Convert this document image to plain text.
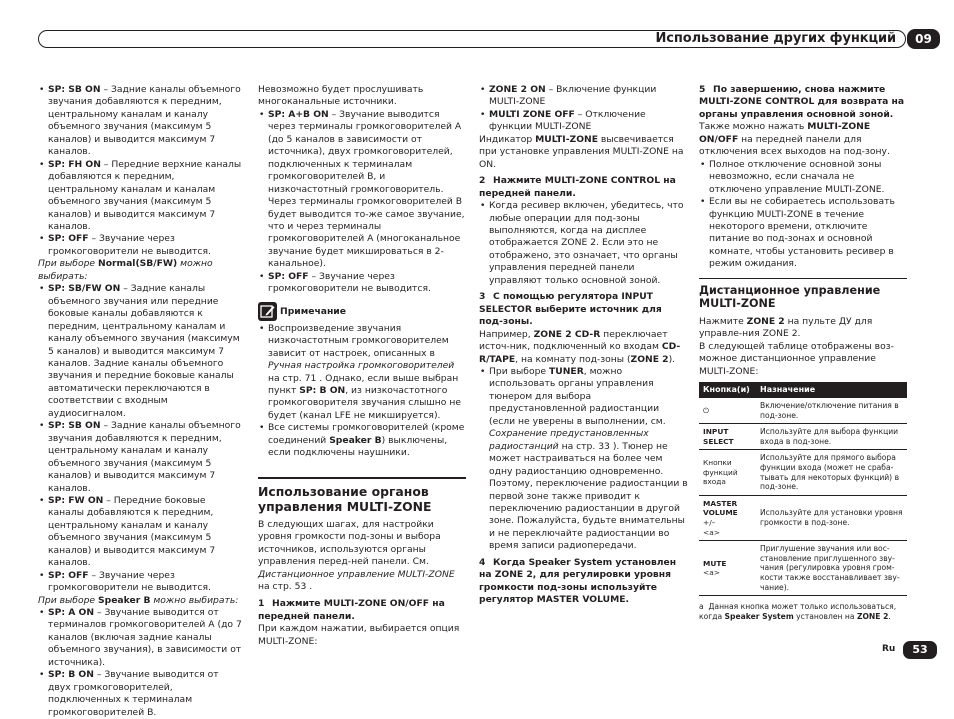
Использование других функций	09
• SP: SB ON – Задние каналы объемного звучания добавляются к передним, центральному каналам и каналу объемного звучания (максимум 5 каналов) и выводится максимум 7 каналов.
• SP: FH ON – Передние верхние каналы добавляются к передним, центральному каналам и каналам объемного звучания (максимум 5 каналов) и выводится максимум 7 каналов.
• SP: OFF – Звучание через громкоговорители не выводится.
При выборе Normal(SB/FW) можно выбирать:
• SP: SB/FW ON – Задние каналы объемного звучания или передние боковые каналы добавляются к передним, центральному каналам и каналу объемного звучания (максимум 5 каналов) и выводится максимум 7 каналов. Задние каналы объемного звучания и передние боковые каналы автоматически переключаются в соответствии с входным аудиосигналом.
• SP: SB ON – Задние каналы объемного звучания добавляются к передним, центральному каналам и каналу объемного звучания (максимум 5 каналов) и выводится максимум 7 каналов.
• SP: FW ON – Передние боковые каналы добавляются к передним, центральному каналам и каналу объемного звучания (максимум 5 каналов) и выводится максимум 7 каналов.
• SP: OFF – Звучание через громкоговорители не выводится.
При выборе Speaker B можно выбирать:
• SP: A ON – Звучание выводится от терминалов громкоговорителей A (до 7 каналов (включая задние каналы объемного звучания), в зависимости от источника).
• SP: B ON – Звучание выводится от двух громкоговорителей, подключенных к терминалам громкоговорителей B.
Невозможно будет прослушивать многоканальные источники.
• SP: A+B ON – Звучание выводится через терминалы громкоговорителей A (до 5 каналов в зависимости от источника), двух громкоговорителей, подключенных к терминалам громкоговорителей B, и низкочастотный громкоговоритель. Через терминалы громкоговорителей B будет выводится то-же самое звучание, что и через терминалы громкоговорителей A (многоканальное звучание будет микшироваться в 2-канальное).
• SP: OFF – Звучание через громкоговорители не выводится.
Примечание
• Воспроизведение звучания низкочастотным громкоговорителем зависит от настроек, описанных в Ручная настройка громкоговорителей на стр. 71 . Однако, если выше выбран пункт SP: B ON, из низкочастотного громкоговорителя звучания слышно не будет (канал LFE не микшируется).
• Все системы громкоговорителей (кроме соединений Speaker B) выключены, если подключены наушники.
Использование органов управления MULTI-ZONE
В следующих шагах, для настройки уровня громкости под-зоны и выбора источников, используются органы управления перед-ней панели. См. Дистанционное управление MULTI-ZONE на стр. 53 .
1 Нажмите MULTI-ZONE ON/OFF на передней панели.
При каждом нажатии, выбирается опция MULTI-ZONE:
• ZONE 2 ON – Включение функции MULTI-ZONE
• MULTI ZONE OFF – Отключение функции MULTI-ZONE
Индикатор MULTI-ZONE высвечивается при установке управления MULTI-ZONE на ON.
2 Нажмите MULTI-ZONE CONTROL на передней панели.
• Когда ресивер включен, убедитесь, что любые операции для под-зоны выполняются, когда на дисплее отображается ZONE 2. Если это не отображено, это означает, что органы управления передней панели управляют только основной зоной.
3 С помощью регулятора INPUT SELECTOR выберите источник для под-зоны.
Например, ZONE 2 CD-R переключает источ-ник, подключенный ко входам CD-R/TAPE, на комнату под-зоны (ZONE 2).
• При выборе TUNER, можно использовать органы управления тюнером для выбора предустановленной радиостанции (если не уверены в выполнении, см. Сохранение предустановленных радиостанций на стр. 33 ). Тюнер не может настраиваться на более чем одну радиостанцию одновременно. Поэтому, переключение радиостанции в первой зоне также приводит к переключению радиостанции в другой зоне. Пожалуйста, будьте внимательны и не переключайте радиостанции во время записи радиопередачи.
4 Когда Speaker System установлен на ZONE 2, для регулировки уровня громкости под-зоны используйте регулятор MASTER VOLUME.
5 По завершению, снова нажмите MULTI-ZONE CONTROL для возврата на органы управления основной зоной.
Также можно нажать MULTI-ZONE ON/OFF на передней панели для отключения всех выходов на под-зону.
• Полное отключение основной зоны невозможно, если сначала не отключено управление MULTI-ZONE.
• Если вы не собираетесь использовать функцию MULTI-ZONE в течение некоторого времени, отключите питание во под-зонах и основной комнате, чтобы установить ресивер в режим ожидания.
Дистанционное управление MULTI-ZONE
Нажмите ZONE 2 на пульте ДУ для управле-ния ZONE 2.
В следующей таблице отображены воз-можное дистанционное управление MULTI-ZONE:
Кнопка(и)	Назначение
⏻	Включение/отключение питания в под-зоне.
INPUT SELECT	Используйте для выбора функции входа в под-зоне.
Кнопки функций входа	Используйте для прямого выбора функции входа (может не сраба-тывать для некоторых функций) в под-зоне.
MASTER VOLUME
+/–
<a>	Используйте для установки уровня громкости в под-зоне.
MUTE
<a>	Приглушение звучания или вос-становление приглушенного зву-чания (регулировка уровня гром-кости также восстанавливает зву-чание).
a Данная кнопка может только использоваться, когда Speaker System установлен на ZONE 2.
Ru	53
